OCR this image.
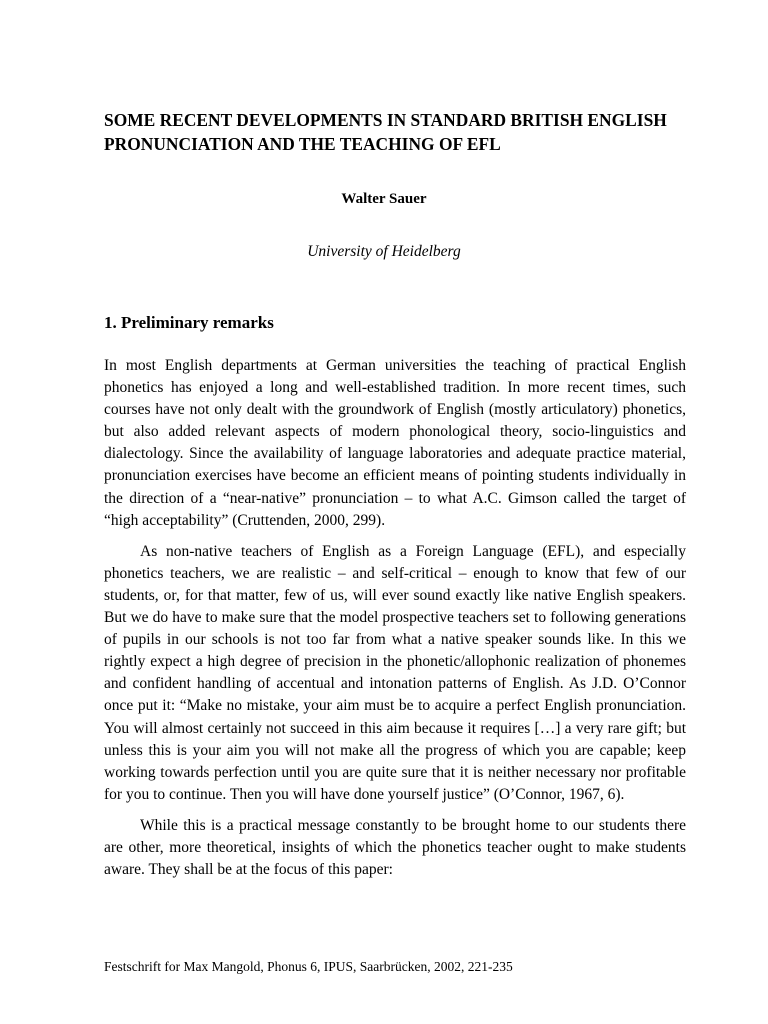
SOME RECENT DEVELOPMENTS IN STANDARD BRITISH ENGLISH PRONUNCIATION AND THE TEACHING OF EFL

Walter Sauer

University of Heidelberg

1. Preliminary remarks

In most English departments at German universities the teaching of practical English phonetics has enjoyed a long and well-established tradition. In more recent times, such courses have not only dealt with the groundwork of English (mostly articulatory) phonetics, but also added relevant aspects of modern phonological theory, socio-linguistics and dialectology. Since the availability of language laboratories and adequate practice material, pronunciation exercises have become an efficient means of pointing students individually in the direction of a “near-native” pronunciation – to what A.C. Gimson called the target of “high acceptability” (Cruttenden, 2000, 299).

As non-native teachers of English as a Foreign Language (EFL), and especially phonetics teachers, we are realistic – and self-critical – enough to know that few of our students, or, for that matter, few of us, will ever sound exactly like native English speakers. But we do have to make sure that the model prospective teachers set to following generations of pupils in our schools is not too far from what a native speaker sounds like. In this we rightly expect a high degree of precision in the phonetic/allophonic realization of phonemes and confident handling of accentual and intonation patterns of English. As J.D. O’Connor once put it: “Make no mistake, your aim must be to acquire a perfect English pronunciation. You will almost certainly not succeed in this aim because it requires […] a very rare gift; but unless this is your aim you will not make all the progress of which you are capable; keep working towards perfection until you are quite sure that it is neither necessary nor profitable for you to continue. Then you will have done yourself justice” (O’Connor, 1967, 6).

While this is a practical message constantly to be brought home to our students there are other, more theoretical, insights of which the phonetics teacher ought to make students aware. They shall be at the focus of this paper:

Festschrift for Max Mangold, Phonus 6, IPUS, Saarbrücken, 2002, 221-235
